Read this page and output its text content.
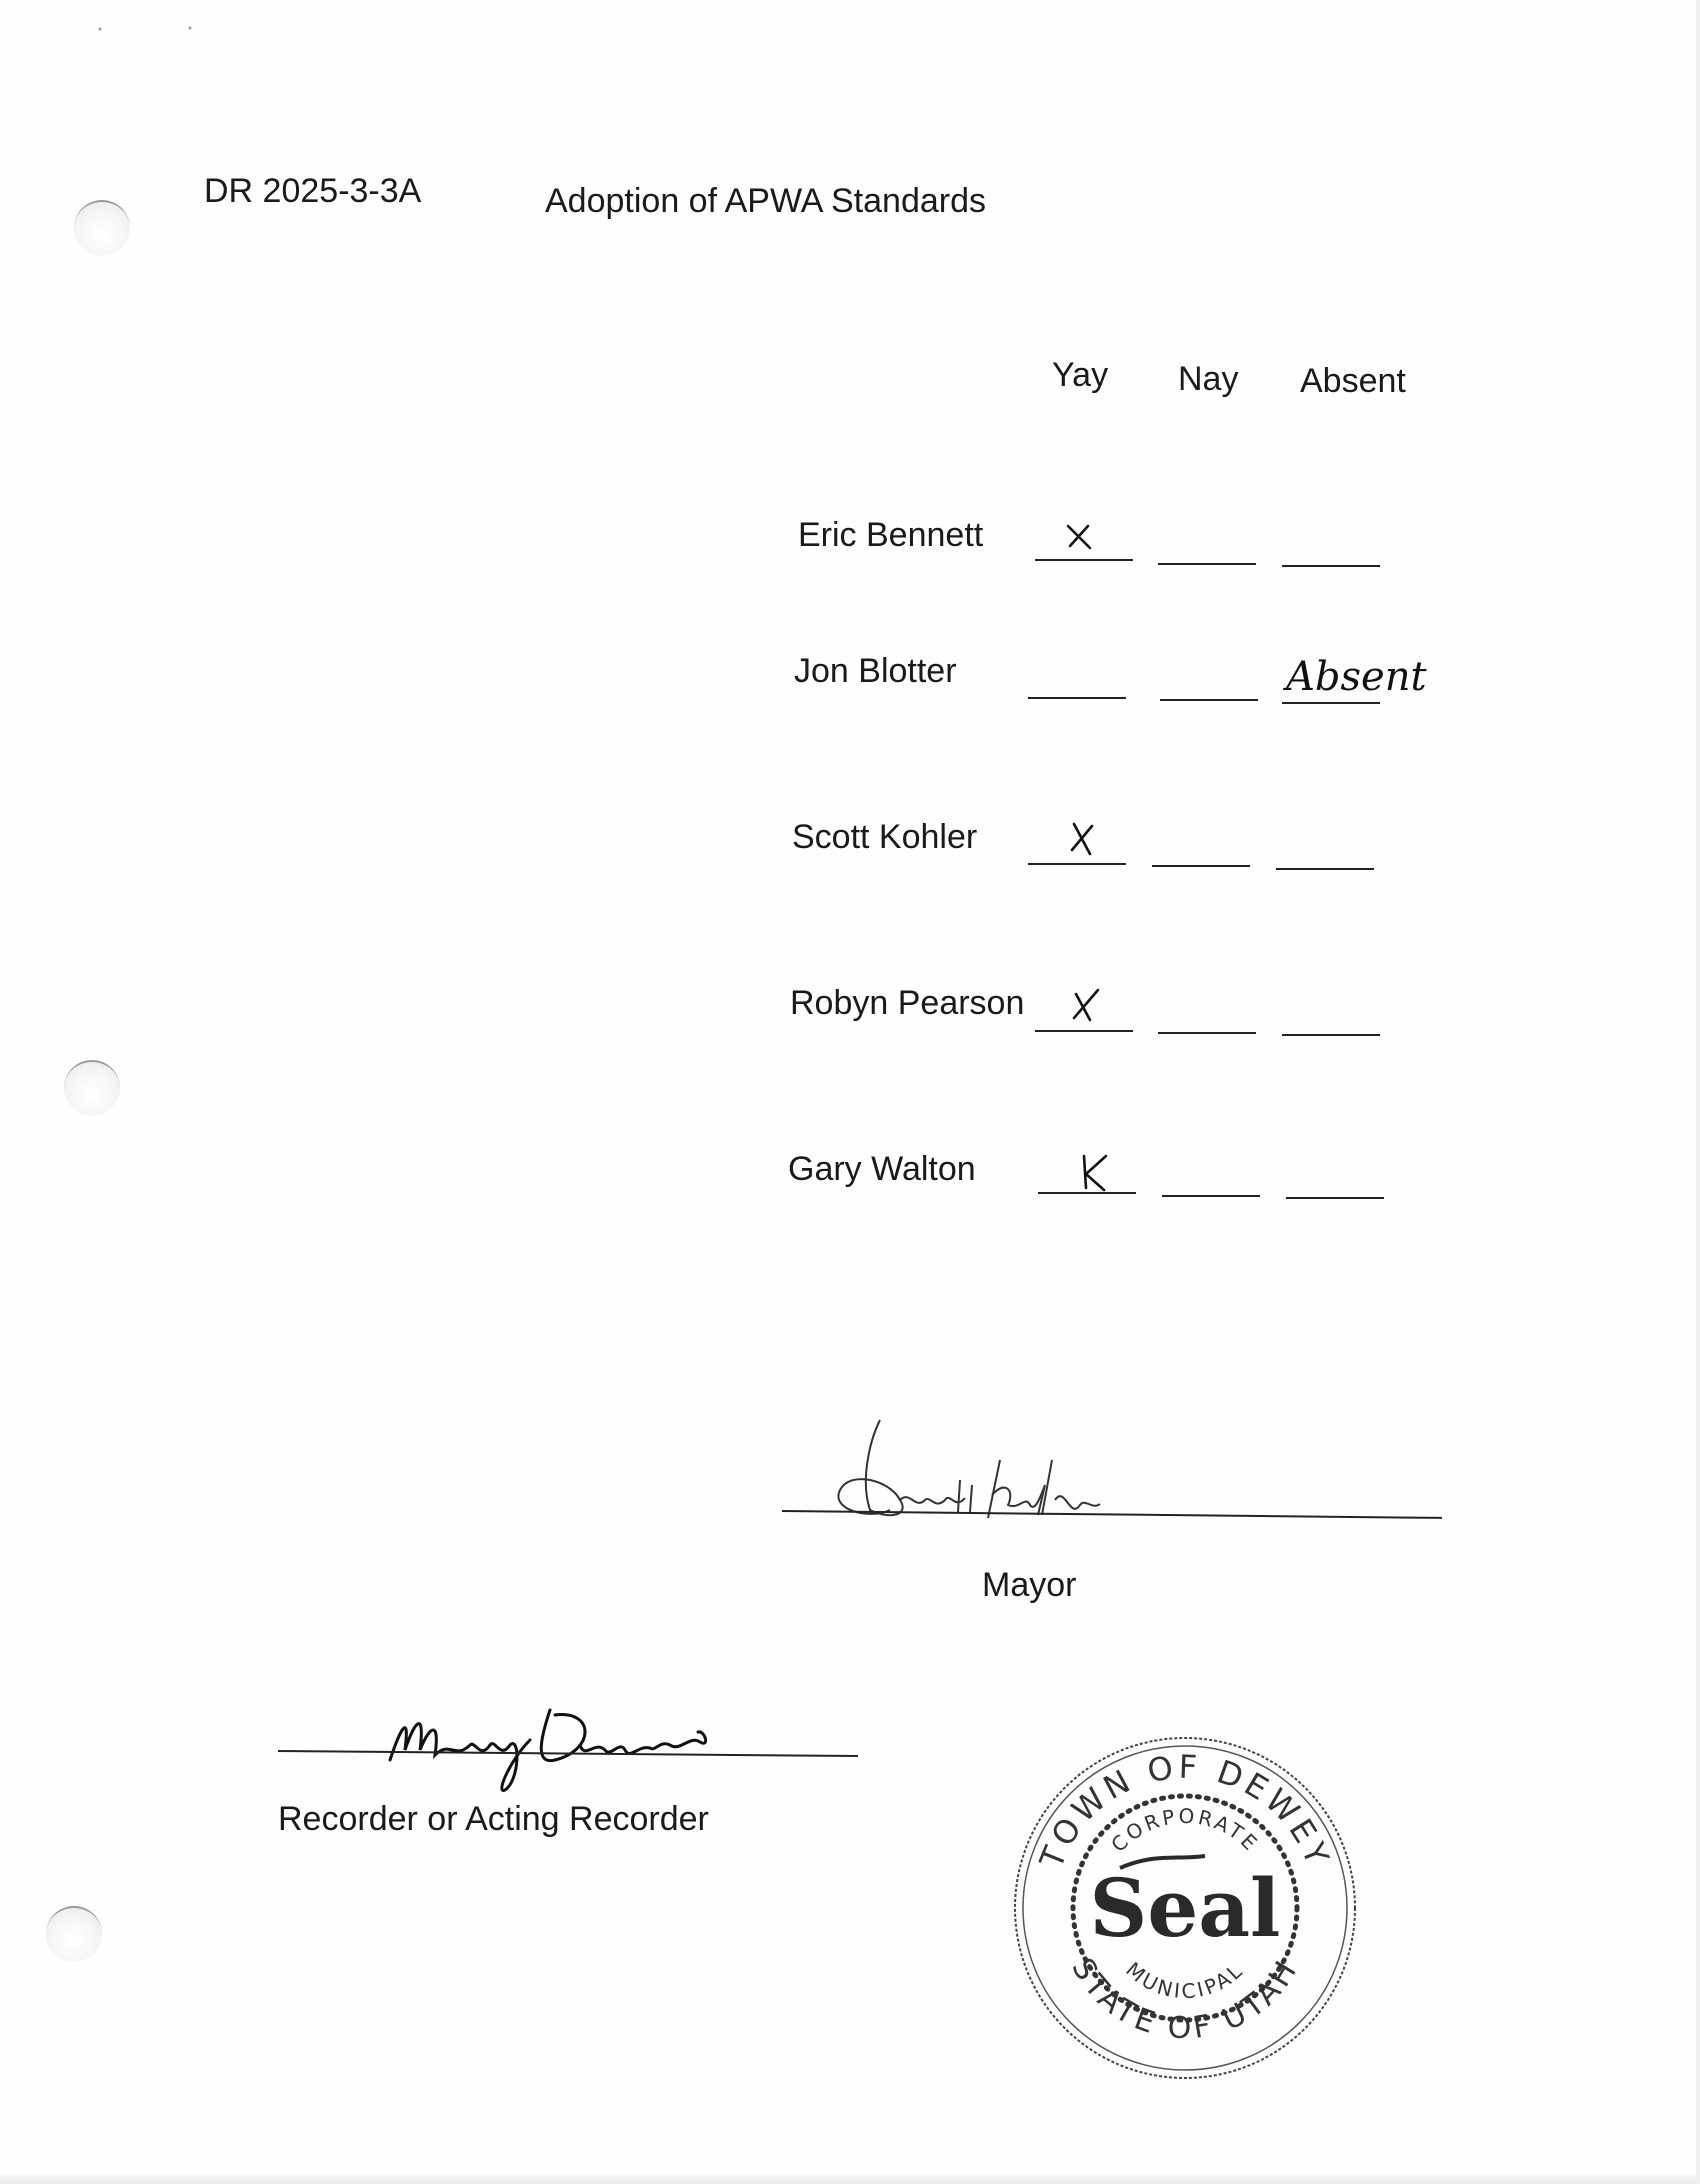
DR 2025-3-3A	Adoption of APWA Standards
Yay Nay Absent
Eric Bennett
Jon Blotter	Absent
Scott Kohler
Robyn Pearson
Gary Walton
Mayor
Recorder or Acting Recorder
TOWN OF DEWEY
STATE OF UTAH
CORPORATE
MUNICIPAL
Seal
